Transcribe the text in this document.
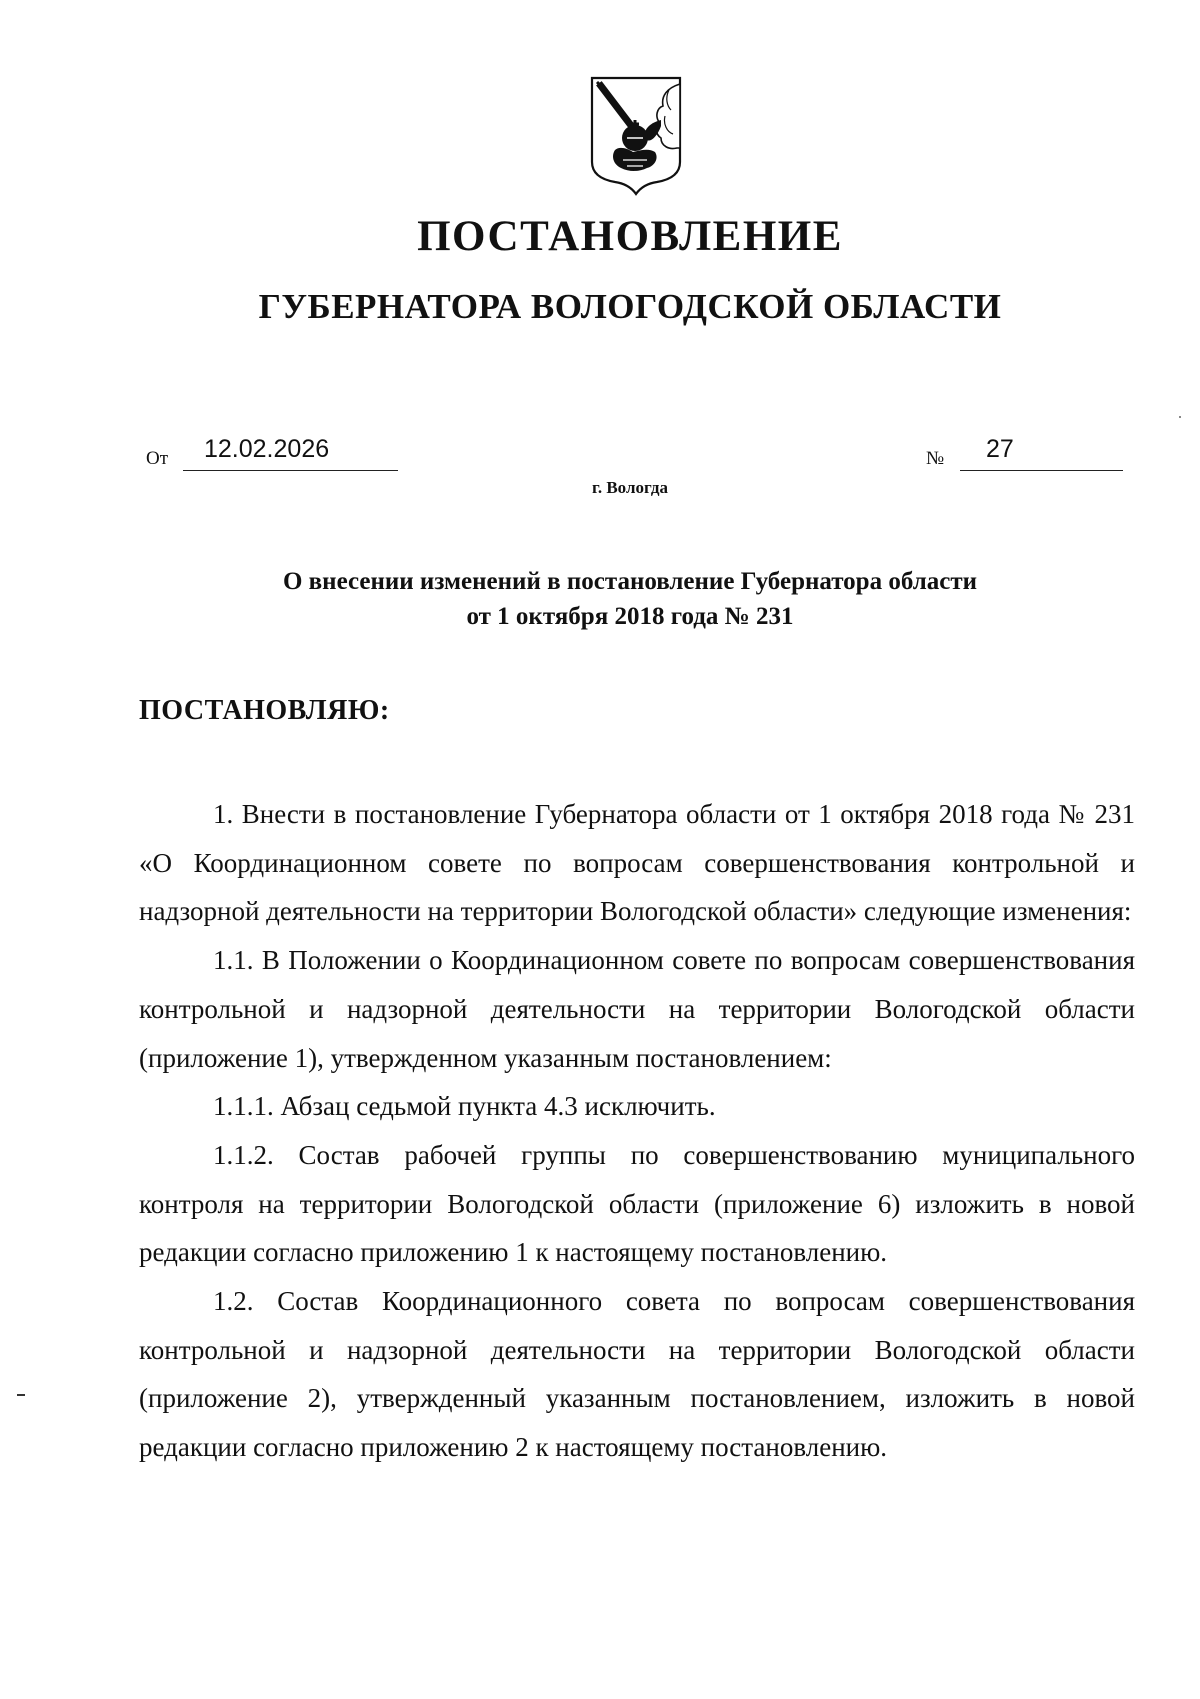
ПОСТАНОВЛЕНИЕ
ГУБЕРНАТОРА ВОЛОГОДСКОЙ ОБЛАСТИ
От 12.02.2026	№ 27
г. Вологда
О внесении изменений в постановление Губернатора области
от 1 октября 2018 года № 231
ПОСТАНОВЛЯЮ:

1. Внести в постановление Губернатора области от 1 октября 2018 года № 231 «О Координационном совете по вопросам совершенствования контрольной и надзорной деятельности на территории Вологодской области» следующие изменения:

1.1. В Положении о Координационном совете по вопросам совершенствования контрольной и надзорной деятельности на территории Вологодской области (приложение 1), утвержденном указанным постановлением:

1.1.1. Абзац седьмой пункта 4.3 исключить.

1.1.2. Состав рабочей группы по совершенствованию муниципального контроля на территории Вологодской области (приложение 6) изложить в новой редакции согласно приложению 1 к настоящему постановлению.

1.2. Состав Координационного совета по вопросам совершенствования контрольной и надзорной деятельности на территории Вологодской области (приложение 2), утвержденный указанным постановлением, изложить в новой редакции согласно приложению 2 к настоящему постановлению.
